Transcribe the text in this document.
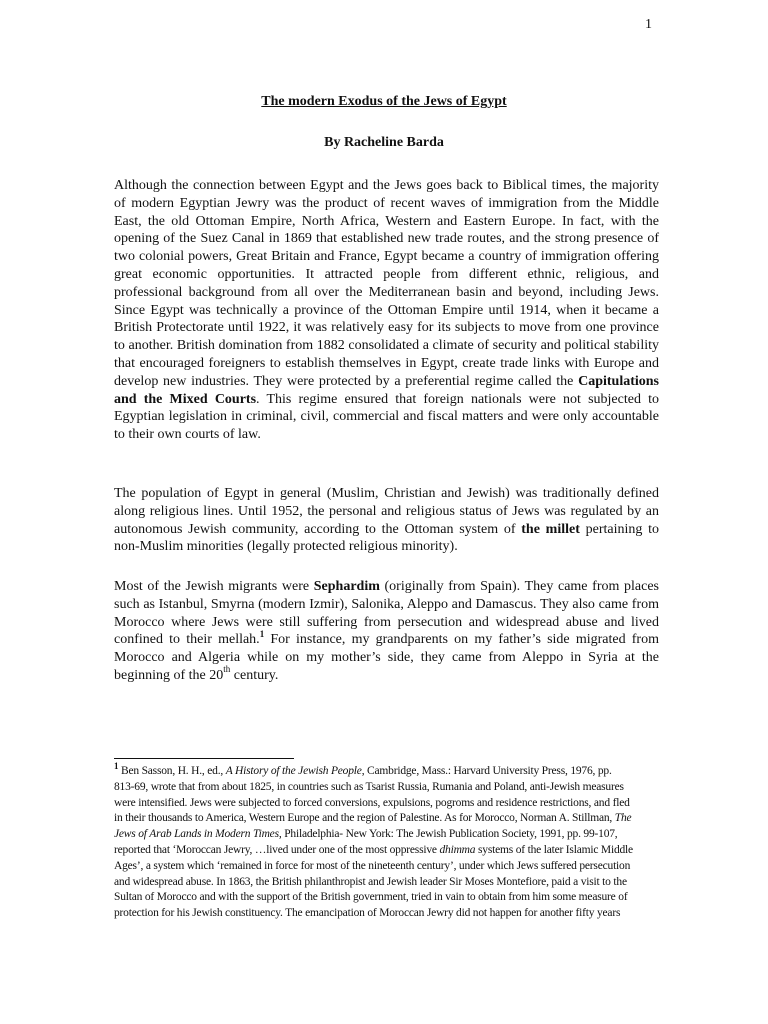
1
The modern Exodus of the Jews of Egypt
By Racheline Barda

Although the connection between Egypt and the Jews goes back to Biblical times, the majority of modern Egyptian Jewry was the product of recent waves of immigration from the Middle East, the old Ottoman Empire, North Africa, Western and Eastern Europe. In fact, with the opening of the Suez Canal in 1869 that established new trade routes, and the strong presence of two colonial powers, Great Britain and France, Egypt became a country of immigration offering great economic opportunities. It attracted people from different ethnic, religious, and professional background from all over the Mediterranean basin and beyond, including Jews. Since Egypt was technically a province of the Ottoman Empire until 1914, when it became a British Protectorate until 1922, it was relatively easy for its subjects to move from one province to another. British domination from 1882 consolidated a climate of security and political stability that encouraged foreigners to establish themselves in Egypt, create trade links with Europe and develop new industries. They were protected by a preferential regime called the Capitulations and the Mixed Courts. This regime ensured that foreign nationals were not subjected to Egyptian legislation in criminal, civil, commercial and fiscal matters and were only accountable to their own courts of law.

The population of Egypt in general (Muslim, Christian and Jewish) was traditionally defined along religious lines. Until 1952, the personal and religious status of Jews was regulated by an autonomous Jewish community, according to the Ottoman system of the millet pertaining to non-Muslim minorities (legally protected religious minority).

Most of the Jewish migrants were Sephardim (originally from Spain). They came from places such as Istanbul, Smyrna (modern Izmir), Salonika, Aleppo and Damascus. They also came from Morocco where Jews were still suffering from persecution and widespread abuse and lived confined to their mellah.$^1$ For instance, my grandparents on my father’s side migrated from Morocco and Algeria while on my mother’s side, they came from Aleppo in Syria at the beginning of the 20th century.

$^1$ Ben Sasson, H. H., ed., A History of the Jewish People, Cambridge, Mass.: Harvard University Press, 1976, pp. 813-69, wrote that from about 1825, in countries such as Tsarist Russia, Rumania and Poland, anti-Jewish measures were intensified. Jews were subjected to forced conversions, expulsions, pogroms and residence restrictions, and fled in their thousands to America, Western Europe and the region of Palestine. As for Morocco, Norman A. Stillman, The Jews of Arab Lands in Modern Times, Philadelphia- New York: The Jewish Publication Society, 1991, pp. 99-107, reported that ‘Moroccan Jewry, …lived under one of the most oppressive dhimma systems of the later Islamic Middle Ages’, a system which ‘remained in force for most of the nineteenth century’, under which Jews suffered persecution and widespread abuse. In 1863, the British philanthropist and Jewish leader Sir Moses Montefiore, paid a visit to the Sultan of Morocco and with the support of the British government, tried in vain to obtain from him some measure of protection for his Jewish constituency. The emancipation of Moroccan Jewry did not happen for another fifty years
